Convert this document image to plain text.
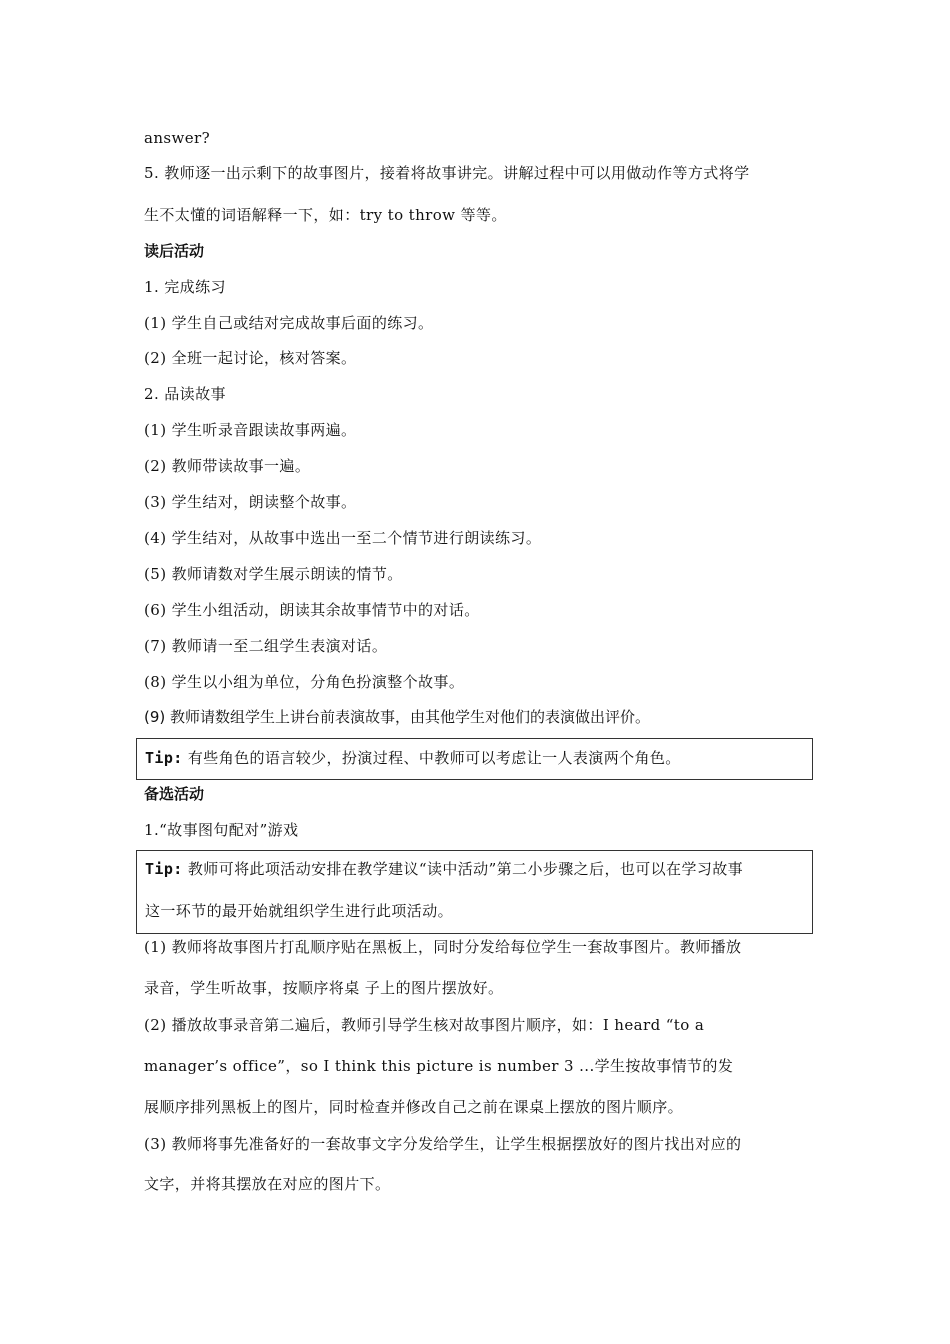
answer?
5. 教师逐一出示剩下的故事图片，接着将故事讲完。讲解过程中可以用做动作等方式将学
生不太懂的词语解释一下，如：try to throw 等等。
读后活动
1. 完成练习
(1) 学生自己或结对完成故事后面的练习。
(2) 全班一起讨论，核对答案。
2. 品读故事
(1) 学生听录音跟读故事两遍。
(2) 教师带读故事一遍。
(3) 学生结对，朗读整个故事。
(4) 学生结对，从故事中选出一至二个情节进行朗读练习。
(5) 教师请数对学生展示朗读的情节。
(6) 学生小组活动，朗读其余故事情节中的对话。
(7) 教师请一至二组学生表演对话。
(8) 学生以小组为单位，分角色扮演整个故事。
(9) 教师请数组学生上讲台前表演故事，由其他学生对他们的表演做出评价。
Tip: 有些角色的语言较少，扮演过程、中教师可以考虑让一人表演两个角色。
备选活动
1.“故事图句配对”游戏
Tip: 教师可将此项活动安排在教学建议“读中活动”第二小步骤之后，也可以在学习故事
这一环节的最开始就组织学生进行此项活动。
(1) 教师将故事图片打乱顺序贴在黑板上，同时分发给每位学生一套故事图片。教师播放
录音，学生听故事，按顺序将桌 子上的图片摆放好。
(2) 播放故事录音第二遍后，教师引导学生核对故事图片顺序，如：I heard “to a
manager’s office”，so I think this picture is number 3 ...学生按故事情节的发
展顺序排列黑板上的图片，同时检查并修改自己之前在课桌上摆放的图片顺序。
(3) 教师将事先准备好的一套故事文字分发给学生，让学生根据摆放好的图片找出对应的
文字，并将其摆放在对应的图片下。
